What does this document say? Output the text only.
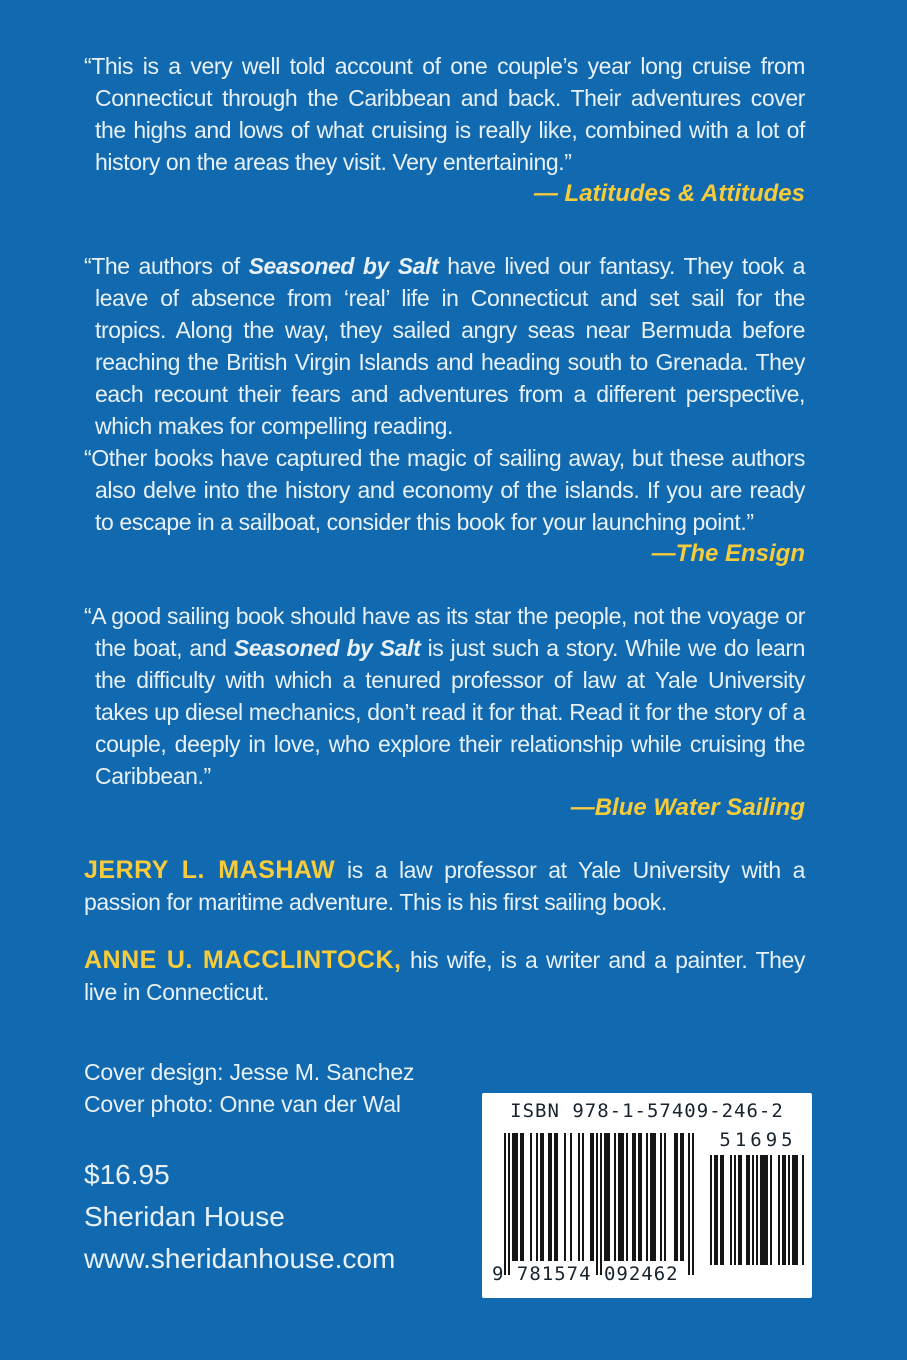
“This is a very well told account of one couple’s year long cruise from Connecticut through the Caribbean and back. Their adventures cover the highs and lows of what cruising is really like, combined with a lot of history on the areas they visit. Very entertaining.”

— Latitudes & Attitudes

“The authors of Seasoned by Salt have lived our fantasy. They took a leave of absence from ‘real’ life in Connecticut and set sail for the tropics. Along the way, they sailed angry seas near Bermuda before reaching the British Virgin Islands and heading south to Grenada. They each recount their fears and adventures from a different perspective, which makes for compelling reading.

“Other books have captured the magic of sailing away, but these authors also delve into the history and economy of the islands. If you are ready to escape in a sailboat, consider this book for your launching point.”

—The Ensign

“A good sailing book should have as its star the people, not the voyage or the boat, and Seasoned by Salt is just such a story. While we do learn the difficulty with which a tenured professor of law at Yale University takes up diesel mechanics, don’t read it for that. Read it for the story of a couple, deeply in love, who explore their relationship while cruising the Caribbean.”

—Blue Water Sailing

JERRY L. MASHAW is a law professor at Yale University with a passion for maritime adventure. This is his first sailing book.

ANNE U. MACCLINTOCK, his wife, is a writer and a painter. They live in Connecticut.

Cover design: Jesse M. Sanchez

Cover photo: Onne van der Wal

$16.95

Sheridan House

www.sheridanhouse.com

ISBN 978-1-57409-246-2
51695
9 781574 092462
